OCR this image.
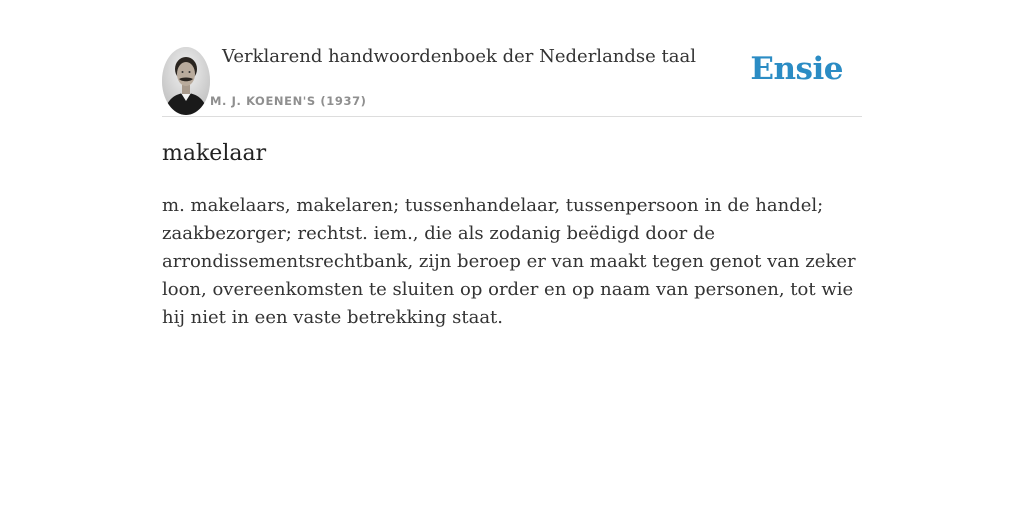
Verklarend handwoordenboek der Nederlandse taal
M. J. KOENEN'S (1937)
Ensie
makelaar

m. makelaars, makelaren; tussenhandelaar, tussenpersoon in de handel; zaakbezorger; rechtst. iem., die als zodanig beëdigd door de arrondissementsrechtbank, zijn beroep er van maakt tegen genot van zeker loon, overeenkomsten te sluiten op order en op naam van personen, tot wie hij niet in een vaste betrekking staat.
